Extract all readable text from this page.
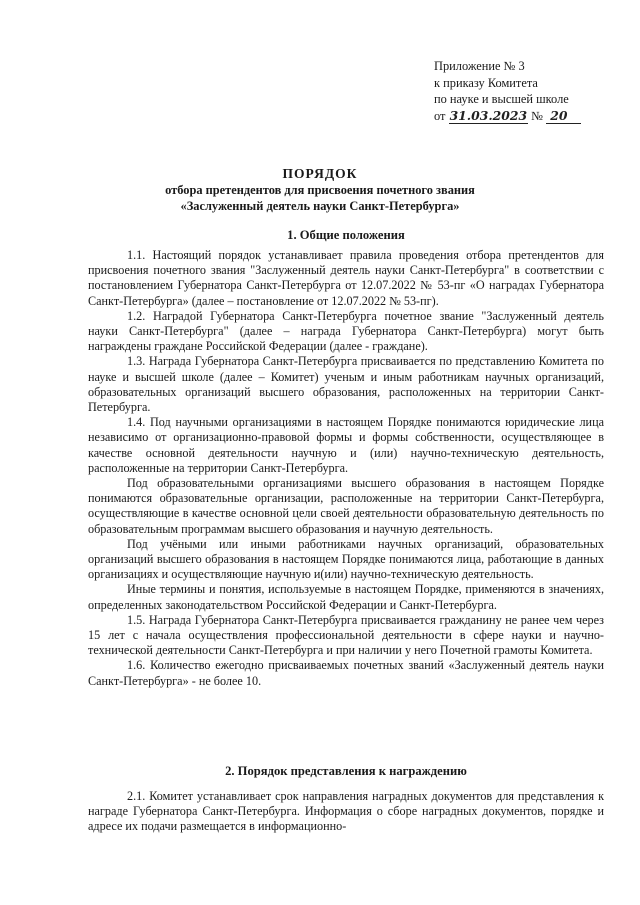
Приложение № 3
к приказу Комитета
по науке и высшей школе
от 31.03.2023 № 20
ПОРЯДОК
отбора претендентов для присвоения почетного звания
«Заслуженный деятель науки Санкт-Петербурга»
1. Общие положения

1.1. Настоящий порядок устанавливает правила проведения отбора претендентов для присвоения почетного звания "Заслуженный деятель науки Санкт-Петербурга" в соответствии с постановлением Губернатора Санкт-Петербурга от 12.07.2022 № 53-пг «О наградах Губернатора Санкт-Петербурга» (далее – постановление от 12.07.2022 № 53-пг).

1.2. Наградой Губернатора Санкт-Петербурга почетное звание "Заслуженный деятель науки Санкт-Петербурга" (далее – награда Губернатора Санкт-Петербурга) могут быть награждены граждане Российской Федерации (далее - граждане).

1.3. Награда Губернатора Санкт-Петербурга присваивается по представлению Комитета по науке и высшей школе (далее – Комитет) ученым и иным работникам научных организаций, образовательных организаций высшего образования, расположенных на территории Санкт-Петербурга.

1.4. Под научными организациями в настоящем Порядке понимаются юридические лица независимо от организационно-правовой формы и формы собственности, осуществляющее в качестве основной деятельности научную и (или) научно-техническую деятельность, расположенные на территории Санкт-Петербурга.

Под образовательными организациями высшего образования в настоящем Порядке понимаются образовательные организации, расположенные на территории Санкт-Петербурга, осуществляющие в качестве основной цели своей деятельности образовательную деятельность по образовательным программам высшего образования и научную деятельность.

Под учёными или иными работниками научных организаций, образовательных организаций высшего образования в настоящем Порядке понимаются лица, работающие в данных организациях и осуществляющие научную и(или) научно-техническую деятельность.

Иные термины и понятия, используемые в настоящем Порядке, применяются в значениях, определенных законодательством Российской Федерации и Санкт-Петербурга.

1.5. Награда Губернатора Санкт-Петербурга присваивается гражданину не ранее чем через 15 лет с начала осуществления профессиональной деятельности в сфере науки и научно-технической деятельности Санкт-Петербурга и при наличии у него Почетной грамоты Комитета.

1.6. Количество ежегодно присваиваемых почетных званий «Заслуженный деятель науки Санкт-Петербурга» - не более 10.

2. Порядок представления к награждению

2.1. Комитет устанавливает срок направления наградных документов для представления к награде Губернатора Санкт-Петербурга. Информация о сборе наградных документов, порядке и адресе их подачи размещается в информационно-
